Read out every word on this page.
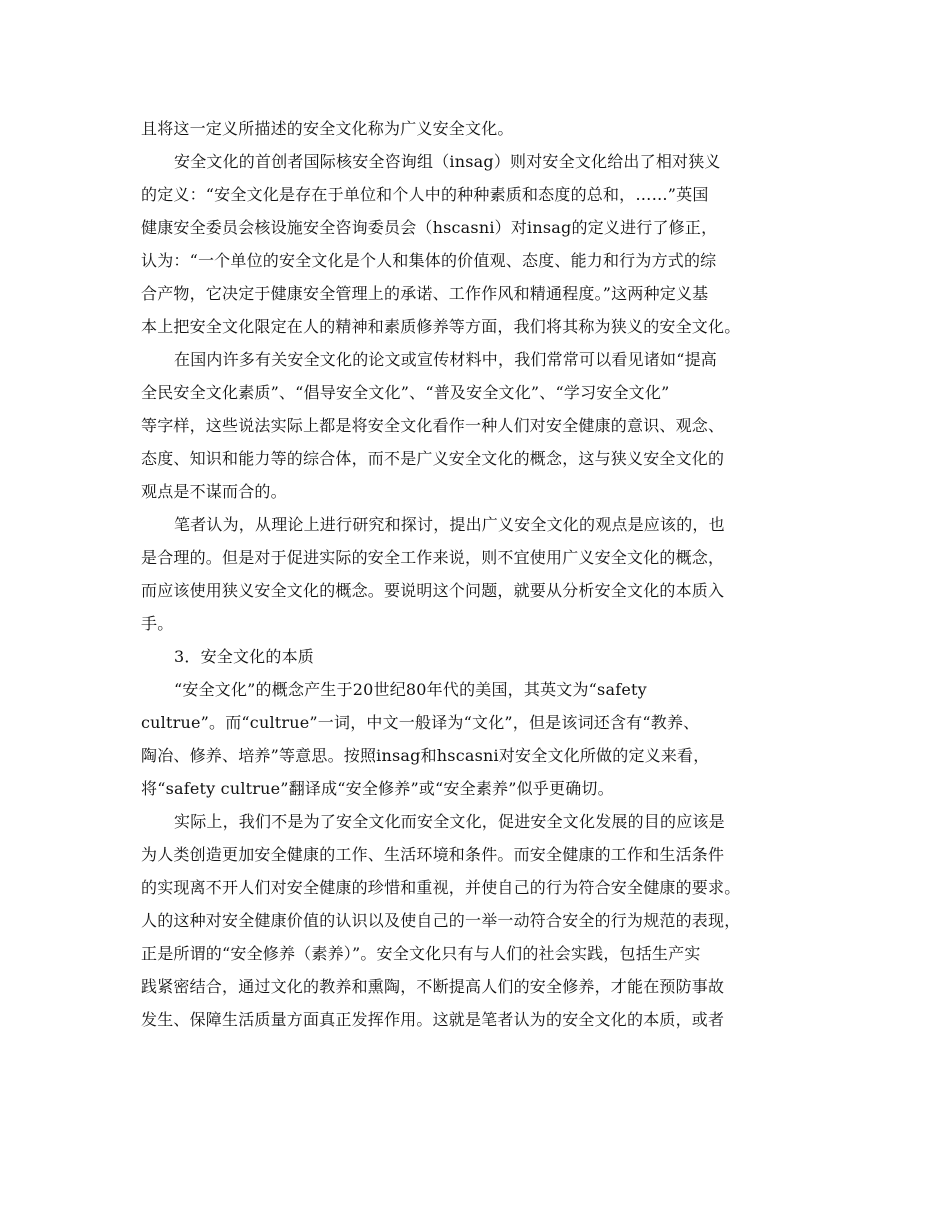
且将这一定义所描述的安全文化称为广义安全文化。
安全文化的首创者国际核安全咨询组（insag）则对安全文化给出了相对狭义
的定义：“安全文化是存在于单位和个人中的种种素质和态度的总和，……”英国
健康安全委员会核设施安全咨询委员会（hscasni）对insag的定义进行了修正，
认为：“一个单位的安全文化是个人和集体的价值观、态度、能力和行为方式的综
合产物，它决定于健康安全管理上的承诺、工作作风和精通程度。”这两种定义基
本上把安全文化限定在人的精神和素质修养等方面，我们将其称为狭义的安全文化。
在国内许多有关安全文化的论文或宣传材料中，我们常常可以看见诸如“提高
全民安全文化素质”、“倡导安全文化”、“普及安全文化”、“学习安全文化”
等字样，这些说法实际上都是将安全文化看作一种人们对安全健康的意识、观念、
态度、知识和能力等的综合体，而不是广义安全文化的概念，这与狭义安全文化的
观点是不谋而合的。
笔者认为，从理论上进行研究和探讨，提出广义安全文化的观点是应该的，也
是合理的。但是对于促进实际的安全工作来说，则不宜使用广义安全文化的概念，
而应该使用狭义安全文化的概念。要说明这个问题，就要从分析安全文化的本质入
手。
3．安全文化的本质
“安全文化”的概念产生于20世纪80年代的美国，其英文为“safety
cultrue”。而“cultrue”一词，中文一般译为“文化”，但是该词还含有“教养、
陶冶、修养、培养”等意思。按照insag和hscasni对安全文化所做的定义来看，
将“safety cultrue”翻译成“安全修养”或“安全素养”似乎更确切。
实际上，我们不是为了安全文化而安全文化，促进安全文化发展的目的应该是
为人类创造更加安全健康的工作、生活环境和条件。而安全健康的工作和生活条件
的实现离不开人们对安全健康的珍惜和重视，并使自己的行为符合安全健康的要求。
人的这种对安全健康价值的认识以及使自己的一举一动符合安全的行为规范的表现，
正是所谓的“安全修养（素养）”。安全文化只有与人们的社会实践，包括生产实
践紧密结合，通过文化的教养和熏陶，不断提高人们的安全修养，才能在预防事故
发生、保障生活质量方面真正发挥作用。这就是笔者认为的安全文化的本质，或者
